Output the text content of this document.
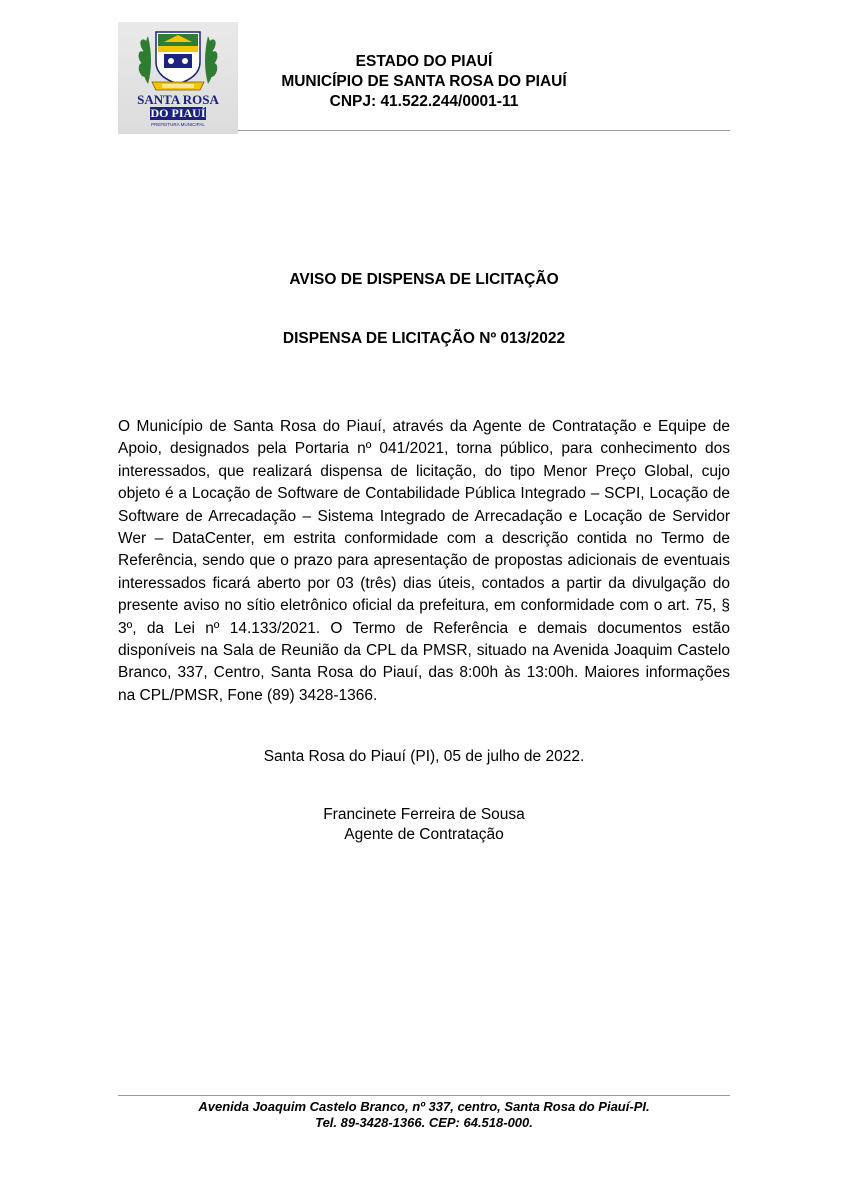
SANTA ROSA
DO PIAUÍ
PREFEITURA MUNICIPAL
ESTADO DO PIAUÍ
MUNICÍPIO DE SANTA ROSA DO PIAUÍ
CNPJ: 41.522.244/0001-11
AVISO DE DISPENSA DE LICITAÇÃO
DISPENSA DE LICITAÇÃO Nº 013/2022
O Município de Santa Rosa do Piauí, através da Agente de Contratação e Equipe de Apoio, designados pela Portaria nº 041/2021, torna público, para conhecimento dos interessados, que realizará dispensa de licitação, do tipo Menor Preço Global, cujo objeto é a Locação de Software de Contabilidade Pública Integrado – SCPI, Locação de Software de Arrecadação – Sistema Integrado de Arrecadação e Locação de Servidor Wer – DataCenter, em estrita conformidade com a descrição contida no Termo de Referência, sendo que o prazo para apresentação de propostas adicionais de eventuais interessados ficará aberto por 03 (três) dias úteis, contados a partir da divulgação do presente aviso no sítio eletrônico oficial da prefeitura, em conformidade com o art. 75, § 3º, da Lei nº 14.133/2021. O Termo de Referência e demais documentos estão disponíveis na Sala de Reunião da CPL da PMSR, situado na Avenida Joaquim Castelo Branco, 337, Centro, Santa Rosa do Piauí, das 8:00h às 13:00h. Maiores informações na CPL/PMSR, Fone (89) 3428-1366.
Santa Rosa do Piauí (PI), 05 de julho de 2022.
Francinete Ferreira de Sousa
Agente de Contratação
Avenida Joaquim Castelo Branco, nº 337, centro, Santa Rosa do Piauí-PI.
Tel. 89-3428-1366. CEP: 64.518-000.
